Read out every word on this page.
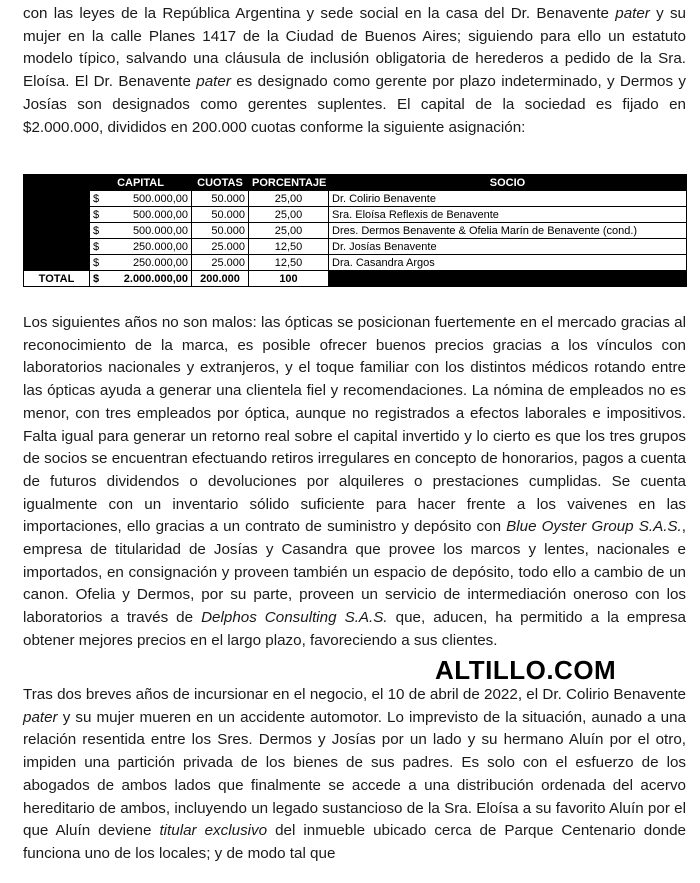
con las leyes de la República Argentina y sede social en la casa del Dr. Benavente pater y su mujer en la calle Planes 1417 de la Ciudad de Buenos Aires; siguiendo para ello un estatuto modelo típico, salvando una cláusula de inclusión obligatoria de herederos a pedido de la Sra. Eloísa. El Dr. Benavente pater es designado como gerente por plazo indeterminado, y Dermos y Josías son designados como gerentes suplentes. El capital de la sociedad es fijado en $2.000.000, divididos en 200.000 cuotas conforme la siguiente asignación:

	CAPITAL	CUOTAS	PORCENTAJE	SOCIO

	$ 500.000,00	50.000	25,00	Dr. Colirio Benavente

	$ 500.000,00	50.000	25,00	Sra. Eloísa Reflexis de Benavente

	$ 500.000,00	50.000	25,00	Dres. Dermos Benavente & Ofelia Marín de Benavente (cond.)

	$ 250.000,00	25.000	12,50	Dr. Josías Benavente

	$ 250.000,00	25.000	12,50	Dra. Casandra Argos
TOTAL	$ 2.000.000,00	200.000	100	

Los siguientes años no son malos: las ópticas se posicionan fuertemente en el mercado gracias al reconocimiento de la marca, es posible ofrecer buenos precios gracias a los vínculos con laboratorios nacionales y extranjeros, y el toque familiar con los distintos médicos rotando entre las ópticas ayuda a generar una clientela fiel y recomendaciones. La nómina de empleados no es menor, con tres empleados por óptica, aunque no registrados a efectos laborales e impositivos. Falta igual para generar un retorno real sobre el capital invertido y lo cierto es que los tres grupos de socios se encuentran efectuando retiros irregulares en concepto de honorarios, pagos a cuenta de futuros dividendos o devoluciones por alquileres o prestaciones cumplidas. Se cuenta igualmente con un inventario sólido suficiente para hacer frente a los vaivenes en las importaciones, ello gracias a un contrato de suministro y depósito con Blue Oyster Group S.A.S., empresa de titularidad de Josías y Casandra que provee los marcos y lentes, nacionales e importados, en consignación y proveen también un espacio de depósito, todo ello a cambio de un canon. Ofelia y Dermos, por su parte, proveen un servicio de intermediación oneroso con los laboratorios a través de Delphos Consulting S.A.S. que, aducen, ha permitido a la empresa obtener mejores precios en el largo plazo, favoreciendo a sus clientes.

Tras dos breves años de incursionar en el negocio, el 10 de abril de 2022, el Dr. Colirio Benavente pater y su mujer mueren en un accidente automotor. Lo imprevisto de la situación, aunado a una relación resentida entre los Sres. Dermos y Josías por un lado y su hermano Aluín por el otro, impiden una partición privada de los bienes de sus padres. Es solo con el esfuerzo de los abogados de ambos lados que finalmente se accede a una distribución ordenada del acervo hereditario de ambos, incluyendo un legado sustancioso de la Sra. Eloísa a su favorito Aluín por el que Aluín deviene titular exclusivo del inmueble ubicado cerca de Parque Centenario donde funciona uno de los locales; y de modo tal que

ALTILLO.COM
